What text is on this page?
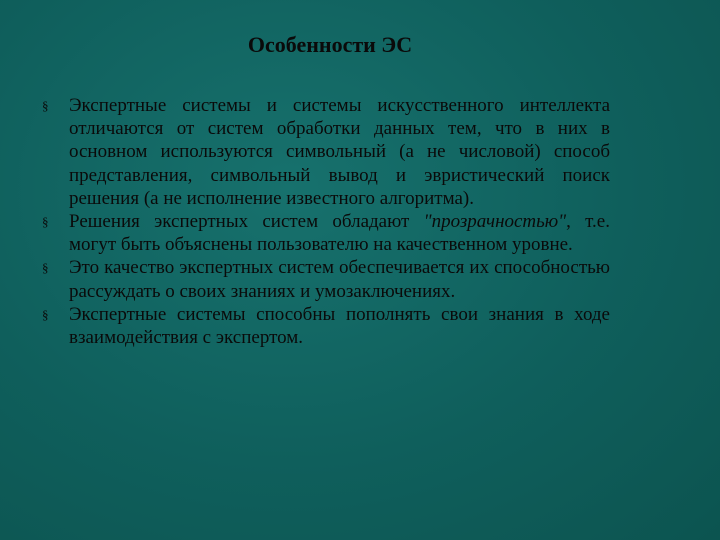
Особенности ЭС
§	Экспертные системы и системы искусственного интеллекта отличаются от систем обработки данных тем, что в них в основном используются символьный (а не числовой) способ представления, символьный вывод и эвристический поиск решения (а не исполнение известного алгоритма).
§	Решения экспертных систем обладают "прозрачностью", т.е. могут быть объяснены пользователю на качественном уровне.
§	Это качество экспертных систем обеспечивается их способностью рассуждать о своих знаниях и умозаключениях.
§	Экспертные системы способны пополнять свои знания в ходе взаимодействия с экспертом.
